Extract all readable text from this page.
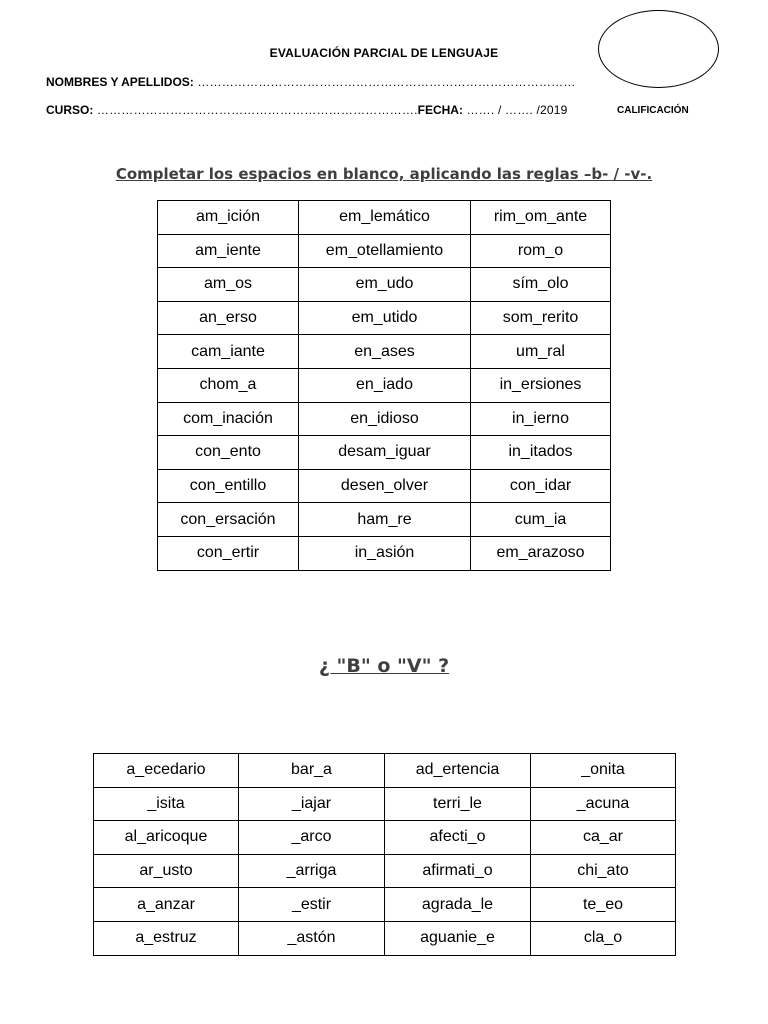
EVALUACIÓN PARCIAL DE LENGUAJE
NOMBRES Y APELLIDOS: …………………………………………………………………………………
CURSO: …………………………………………………………………….FECHA: ……. / ……. /2019	CALIFICACIÓN
Completar los espacios en blanco, aplicando las reglas –b- / -v-.
am_ición	em_lemático	rim_om_ante
am_iente	em_otellamiento	rom_o
am_os	em_udo	sím_olo
an_erso	em_utido	som_rerito
cam_iante	en_ases	um_ral
chom_a	en_iado	in_ersiones
com_inación	en_idioso	in_ierno
con_ento	desam_iguar	in_itados
con_entillo	desen_olver	con_idar
con_ersación	ham_re	cum_ia
con_ertir	in_asión	em_arazoso
¿ "B" o "V" ?
a_ecedario	bar_a	ad_ertencia	_onita
_isita	_iajar	terri_le	_acuna
al_aricoque	_arco	afecti_o	ca_ar
ar_usto	_arriga	afirmati_o	chi_ato
a_anzar	_estir	agrada_le	te_eo
a_estruz	_astón	aguanie_e	cla_o
